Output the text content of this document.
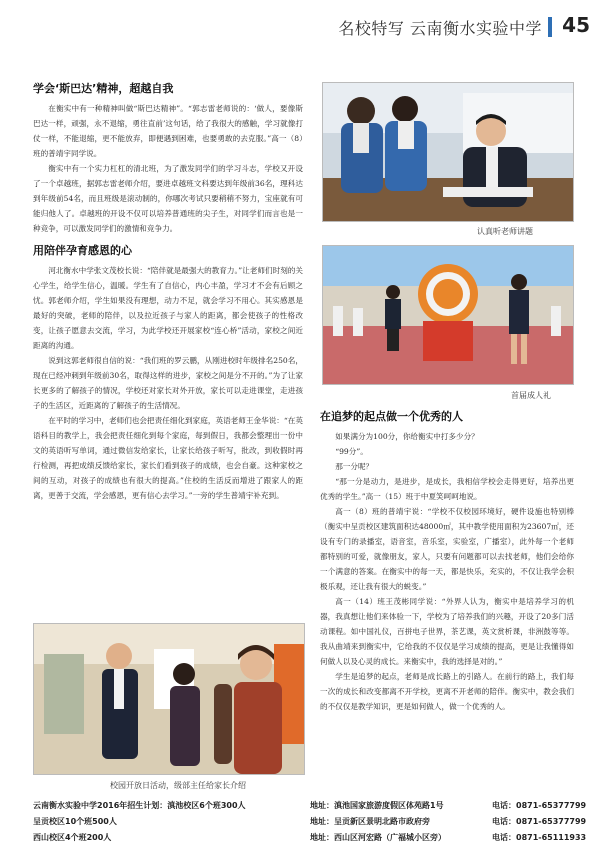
名校特写 云南衡水实验中学 45
学会‘斯巴达’精神，超越自我

在衡实中有一种精神叫做“斯巴达精神”。“郭志雷老师说的：‘做人，要像斯巴达一样，顽强，永不退缩，勇往直前’这句话，给了我很大的感触，学习就像打仗一样，不能退缩，更不能放弃，即便遇到困难，也要勇敢的去克服。”高一（8）班的普靖宇同学说。

衡实中有一个实力杠杠的清北班，为了激发同学们的学习斗志，学校又开设了一个卓越班，据郭志雷老师介绍，要进卓越班文科要达到年级前36名，理科达到年级前54名，而且班级是滚动制的，你哪次考试只要稍稍不努力，宝座就有可能归他人了。卓越班的开设不仅可以培养普通班的尖子生，对同学们而言也是一种竞争，可以激发同学们的激情和竞争力。

用陪伴孕育感恩的心

河北衡水中学张文茂校长说：“陪伴就是最强大的教育力。”让老师们时刻的关心学生，给学生信心，温暖。学生有了自信心，内心丰盈，学习才不会有后顾之忧。郭老师介绍，学生如果没有理想，动力不足，就会学习不用心。其实感恩是最好的突破，老师的陪伴，以及拉近孩子与家人的距离，都会使孩子的性格改变，让孩子愿意去交流，学习，为此学校还开展家校“连心桥”活动，家校之间近距离的沟通。

说到这郭老师很自信的说：“我们班的罗云鹏，从刚进校时年级排名250名，现在已经冲刺到年级前30名，取得这样的进步，家校之间是分不开的。”为了让家长更多的了解孩子的情况，学校还对家长对外开放，家长可以走进课堂，走进孩子的生活区，近距离的了解孩子的生活情况。

在平时的学习中，老师们也会把责任细化到家庭，英语老师王金华说：“在英语科目的教学上，我会把责任细化到每个家庭，每到假日，我都会整理出一份中文的英语听写单词，通过微信发给家长，让家长给孩子听写，批改，到收假时再行检测，再把成绩反馈给家长，家长们看到孩子的成绩，也会自豪。这种家校之间的互动，对孩子的成绩也有很大的提高。”住校的生活反而增进了跟家人的距离，更善于交流，学会感恩，更有信心去学习。”一旁的学生普靖宇补充到。

认真听老师讲题
首届成人礼
在追梦的起点做一个优秀的人

如果满分为100分，你给衡实中打多少分？

“99分”。

那一分呢？

“那一分是动力，是进步，是成长，我相信学校会走得更好，培养出更优秀的学生。”高一（15）班于中夏笑呵呵地说。

高一（8）班的普靖宇说：“学校不仅校园环境好，硬件设施也特别棒（衡实中呈贡校区建筑面积达48000㎡，其中教学使用面积为23607㎡，还设有专门的录播室，语音室，音乐室，实验室，广播室），此外每一个老师都特别的可爱，就像朋友，家人，只要有问题都可以去找老师，他们会给你一个满意的答案。在衡实中的每一天，都是快乐，充实的，不仅让我学会积极乐观，还让我有很大的蜕变。”

高一（14）班王茂彬同学说：“外界人认为，衡实中是培养学习的机器，我真想让他们来体验一下，学校为了培养我们的兴趣，开设了20多门活动课程。如中国礼仪，百拼电子世界，茶艺课，英文赏析课，非洲鼓等等。我从曲靖来到衡实中，它给我的不仅仅是学习成绩的提高，更是让我懂得如何做人以及心灵的成长。来衡实中，我的选择是对的。”

学生是追梦的起点，老师是成长路上的引路人。在前行的路上，我们每一次的成长和改变都离不开学校，更离不开老师的陪伴。衡实中，教会我们的不仅仅是教学知识，更是如何做人，做一个优秀的人。

校园开放日活动，级部主任给家长介绍
云南衡水实验中学2016年招生计划：滇池校区6个班300人
呈贡校区10个班500人
西山校区4个班200人
地址：滇池国家旅游度假区体苑路1号
地址：呈贡新区景明北路市政府旁
地址：西山区河宏路（广福城小区旁）
电话：0871-65377799
电话：0871-65377799
电话：0871-65111933
